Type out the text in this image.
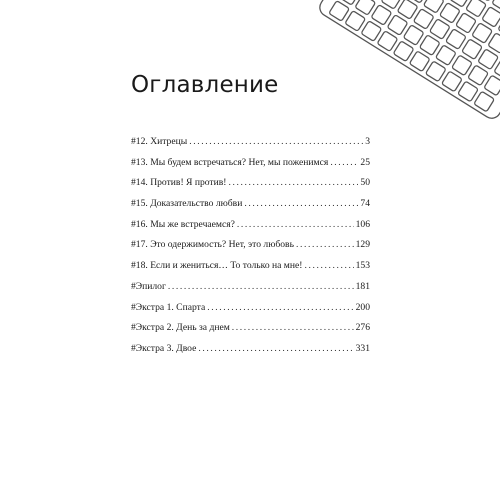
Оглавление
#12. Хитрецы .....	3
#13. Мы будем встречаться? Нет, мы поженимся .....	25
#14. Против! Я против! .....	50
#15. Доказательство любви .....	74
#16. Мы же встречаемся? .....	106
#17. Это одержимость? Нет, это любовь .....	129
#18. Если и жениться… То только на мне! .....	153
#Эпилог .....	181
#Экстра 1. Спарта .....	200
#Экстра 2. День за днем .....	276
#Экстра 3. Двое .....	331
